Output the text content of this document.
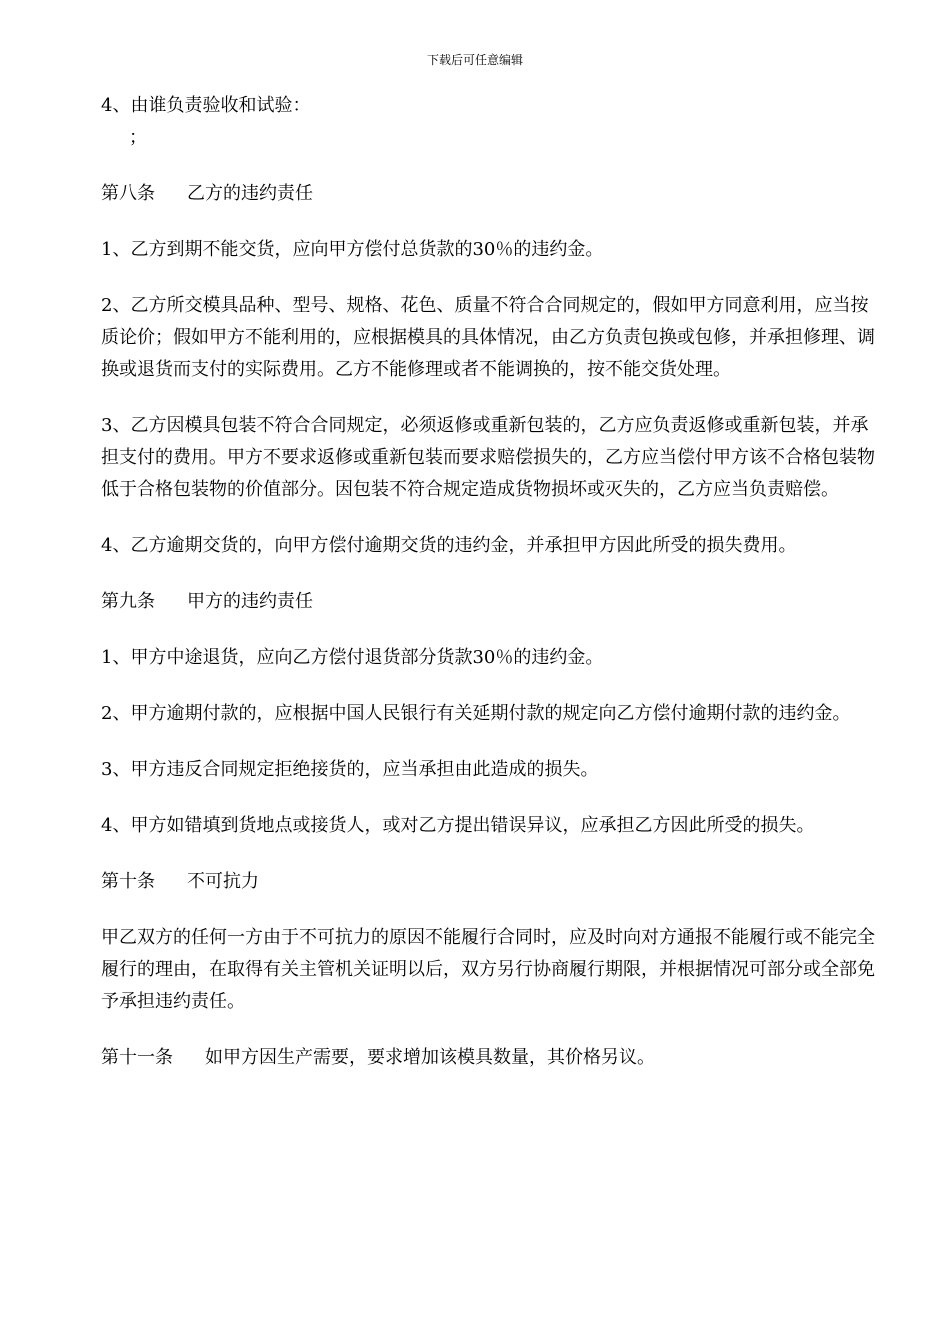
下载后可任意编辑

4、由谁负责验收和试验：

；

第八条 乙方的违约责任

1、乙方到期不能交货，应向甲方偿付总货款的30％的违约金。

2、乙方所交模具品种、型号、规格、花色、质量不符合合同规定的，假如甲方同意利用，应当按质论价；假如甲方不能利用的，应根据模具的具体情况，由乙方负责包换或包修，并承担修理、调换或退货而支付的实际费用。乙方不能修理或者不能调换的，按不能交货处理。

3、乙方因模具包装不符合合同规定，必须返修或重新包装的，乙方应负责返修或重新包装，并承担支付的费用。甲方不要求返修或重新包装而要求赔偿损失的，乙方应当偿付甲方该不合格包装物低于合格包装物的价值部分。因包装不符合规定造成货物损坏或灭失的，乙方应当负责赔偿。

4、乙方逾期交货的，向甲方偿付逾期交货的违约金，并承担甲方因此所受的损失费用。

第九条 甲方的违约责任

1、甲方中途退货，应向乙方偿付退货部分货款30％的违约金。

2、甲方逾期付款的，应根据中国人民银行有关延期付款的规定向乙方偿付逾期付款的违约金。

3、甲方违反合同规定拒绝接货的，应当承担由此造成的损失。

4、甲方如错填到货地点或接货人，或对乙方提出错误异议，应承担乙方因此所受的损失。

第十条 不可抗力

甲乙双方的任何一方由于不可抗力的原因不能履行合同时，应及时向对方通报不能履行或不能完全履行的理由，在取得有关主管机关证明以后，双方另行协商履行期限，并根据情况可部分或全部免予承担违约责任。

第十一条 如甲方因生产需要，要求增加该模具数量，其价格另议。
